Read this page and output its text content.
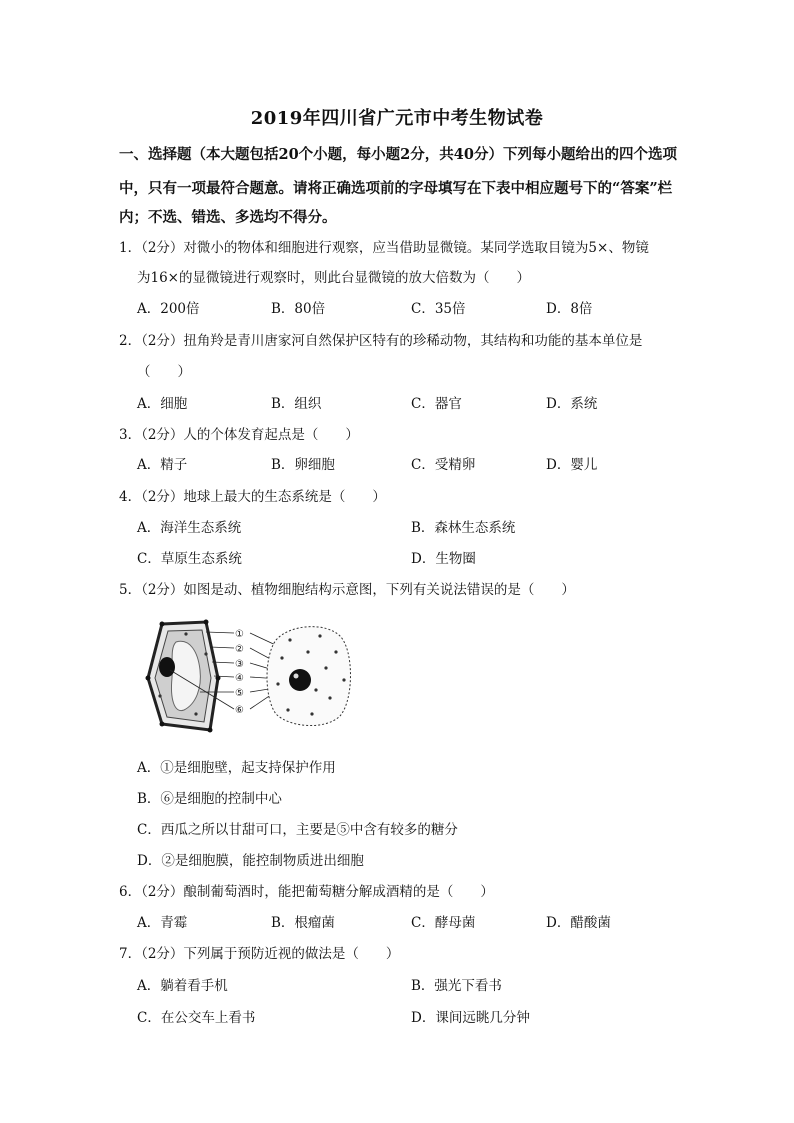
2019年四川省广元市中考生物试卷
一、选择题（本大题包括20个小题，每小题2分，共40分）下列每小题给出的四个选项
中，只有一项最符合题意。请将正确选项前的字母填写在下表中相应题号下的“答案”栏
内；不选、错选、多选均不得分。
1．（2分）对微小的物体和细胞进行观察，应当借助显微镜。某同学选取目镜为5×、物镜
为16×的显微镜进行观察时，则此台显微镜的放大倍数为（　　）
A．200倍	B．80倍	C．35倍	D．8倍
2．（2分）扭角羚是青川唐家河自然保护区特有的珍稀动物，其结构和功能的基本单位是
（　　）
A．细胞	B．组织	C．器官	D．系统
3．（2分）人的个体发育起点是（　　）
A．精子	B．卵细胞	C．受精卵	D．婴儿
4．（2分）地球上最大的生态系统是（　　）
A．海洋生态系统	B．森林生态系统
C．草原生态系统	D．生物圈
5．（2分）如图是动、植物细胞结构示意图，下列有关说法错误的是（　　）
①
②
③
④
⑤
⑥
A．①是细胞壁，起支持保护作用
B．⑥是细胞的控制中心
C．西瓜之所以甘甜可口，主要是⑤中含有较多的糖分
D．②是细胞膜，能控制物质进出细胞
6．（2分）酿制葡萄酒时，能把葡萄糖分解成酒精的是（　　）
A．青霉	B．根瘤菌	C．酵母菌	D．醋酸菌
7．（2分）下列属于预防近视的做法是（　　）
A．躺着看手机	B．强光下看书
C．在公交车上看书	D．课间远眺几分钟
